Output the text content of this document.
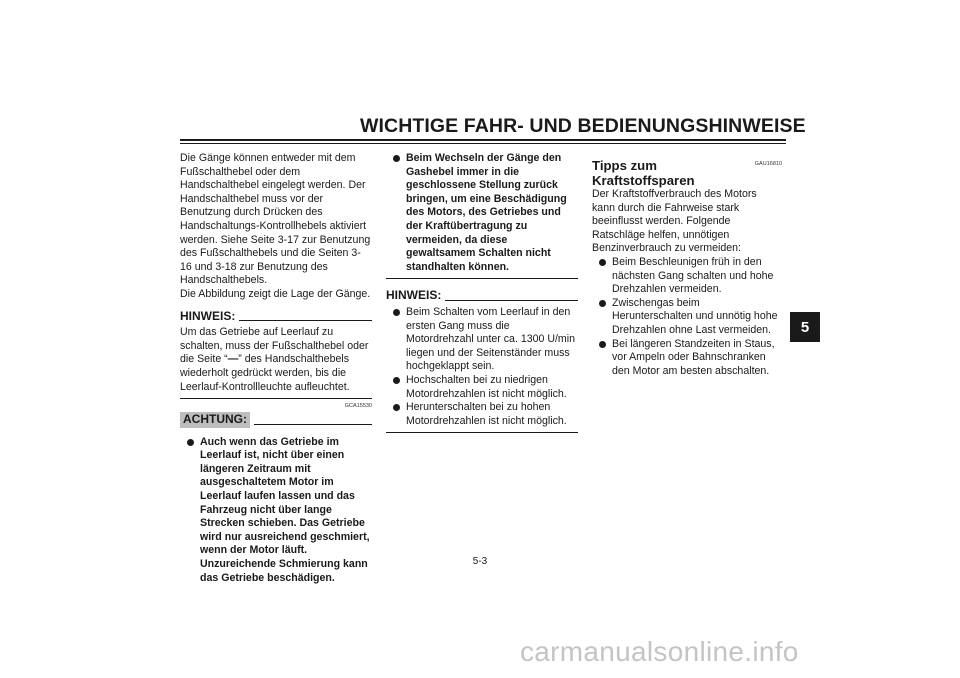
WICHTIGE FAHR- UND BEDIENUNGSHINWEISE
5

Die Gänge können entweder mit dem Fußschalthebel oder dem Handschalthebel eingelegt werden. Der Handschalthebel muss vor der Benutzung durch Drücken des Handschaltungs-Kontrollhebels aktiviert werden. Siehe Seite 3-17 zur Benutzung des Fußschalthebels und die Seiten 3-16 und 3-18 zur Benutzung des Handschalthebels.

Die Abbildung zeigt die Lage der Gänge.

HINWEIS:

Um das Getriebe auf Leerlauf zu schalten, muss der Fußschalthebel oder die Seite “—” des Handschalthebels wiederholt gedrückt werden, bis die Leerlauf-Kontrollleuchte aufleuchtet.

GCA15530
ACHTUNG:
Auch wenn das Getriebe im Leerlauf ist, nicht über einen längeren Zeitraum mit ausgeschaltetem Motor im Leerlauf laufen lassen und das Fahrzeug nicht über lange Strecken schieben. Das Getriebe wird nur ausreichend geschmiert, wenn der Motor läuft. Unzureichende Schmierung kann das Getriebe beschädigen.
Beim Wechseln der Gänge den Gashebel immer in die geschlossene Stellung zurück bringen, um eine Beschädigung des Motors, des Getriebes und der Kraftübertragung zu vermeiden, da diese gewaltsamem Schalten nicht standhalten können.
HINWEIS:
Beim Schalten vom Leerlauf in den ersten Gang muss die Motordrehzahl unter ca. 1300 U/min liegen und der Seitenständer muss hochgeklappt sein.
Hochschalten bei zu niedrigen Motordrehzahlen ist nicht möglich.
Herunterschalten bei zu hohen Motordrehzahlen ist nicht möglich.
Tipps zum Kraftstoffsparen
GAU16810

Der Kraftstoffverbrauch des Motors kann durch die Fahrweise stark beeinflusst werden. Folgende Ratschläge helfen, unnötigen Benzinverbrauch zu vermeiden:

Beim Beschleunigen früh in den nächsten Gang schalten und hohe Drehzahlen vermeiden.
Zwischengas beim Herunterschalten und unnötig hohe Drehzahlen ohne Last vermeiden.
Bei längeren Standzeiten in Staus, vor Ampeln oder Bahnschranken den Motor am besten abschalten.
5-3
carmanualsonline.info
